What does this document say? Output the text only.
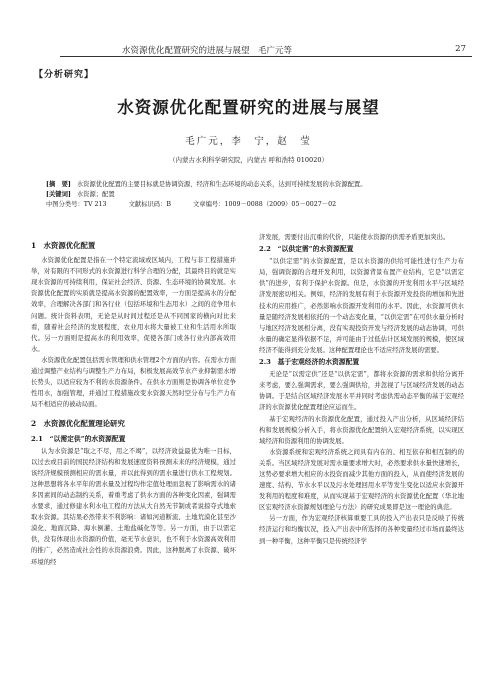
水资源优化配置研究的进展与展望　毛广元等	27
【分析研究】
水资源优化配置研究的进展与展望
毛广元，李　宁，赵　莹
（内蒙古水利科学研究院，内蒙古 呼和浩特 010020）
[摘　要] 水资源优化配置的主要目标就是协调资源、经济和生态环境的动态关系，达到可持续发展的水资源配置。
[关键词] 水资源；配置
中图分类号：TV 213	文献标识码：B	文章编号：1009－0088（2009）05－0027－02
1　水资源优化配置

水资源优化配置是指在一个特定流域或区域内，工程与非工程措施并举，对有限的不同形式的水资源进行科学合理的分配，其最终目的就是实现水资源的可持续利用，保证社会经济、资源、生态环境的协调发展。水资源优化配置的实质就是提高水资源的配置效率，一方面是提高水的分配效率，合理解决各部门和各行业（包括环境和生态用水）之间的竞争用水问题。统计资料表明，无论是从时间过程还是从不同国家的横向对比来看，随着社会经济的发展程度，农业用水将大量被工业和生活用水所取代。另一方面则是提高水的利用效率，促使各部门或各行业内部高效用水。

水资源优化配置包括需水管理和供水管理2个方面的内容。在需水方面通过调整产业结构与调整生产力布局，积极发展高效节水产业抑制需水增长势头，以适应较为不利的水资源条件。在供水方面则是协调各单位竞争性用水，加强管理，并通过工程措施改变水资源天然时空分布与生产力布局不相适应的被动局面。

2　水资源优化配置理论研究
2.1　“以需定供”的水资源配置

认为水资源是“取之不尽，用之不竭”，以经济效益最优为唯一目标，以过去或目前的国民经济结构和发展速度资料预测未来的经济规模，通过该经济规模预测相应的需水量，并以此得到的需水量进行供水工程规划。这种思想将各水平年的需水量及过程均作定值处理而忽视了影响需水的诸多因素间的动态制约关系，着重考虑了供水方面的各种变化因素，强调需水要求，通过修建水利水电工程的方法从大自然无节制或者说掠夺式地索取水资源。其结果必然带来不利影响：诸如河道断流、土地荒漠化甚至沙漠化、地面沉降、海水倒灌、土地盐碱化等等。另一方面，由于以需定供，没有体现出水资源的价值，毫无节水意识，也不利于水资源高效利用的推广，必然造成社会性的水资源浪费。因此，这种脱离了水资源、破坏环境的经

济发展，需要付出沉重的代价，只能使水资源的供需矛盾更加突出。

2.2　“以供定需”的水资源配置

“以供定需”的水资源配置，是以水资源的供给可能性进行生产力布局，强调资源的合理开发利用，以资源背景布置产业结构，它是“以需定供”的进步，有利于保护水资源。但是，水资源的开发利用水平与区域经济发展密切相关。例如，经济的发展有利于水资源开发投资的增加和先进技术的应用推广，必然影响水资源开发利用的水平。因此，水资源可供水量是随经济发展相依托的一个动态变化量，“以供定需”在可供水量分析时与地区经济发展相分离，没有实现投资开发与经济发展的动态协调，可供水量的确定显得依据不足，并可能由于过低估计区域发展的规模，使区域经济不能得到充分发展。这种配置理论也不适应经济发展的需要。

2.3　基于宏观经济的水资源配置

无论是“以需定供”还是“以供定需”，都将水资源的需求和供给分离开来考虑，要么强调需求，要么强调供给，并忽视了与区域经济发展的动态协调。于是结合区域经济发展水平并同时考虑供需动态平衡的基于宏观经济的水资源优化配置理论应运而生。

基于宏观经济的水资源优化配置，通过投入产出分析，从区域经济结构和发展规模分析入手，将水资源优化配置纳入宏观经济系统，以实现区域经济和资源利用的协调发展。

水资源系统和宏观经济系统之间具有内在的、相互依存和相互制约的关系。当区域经济发展对需水量要求增大时，必然要求供水量快速增长，这势必要求增大相应的水投资而减少其他方面的投入，从而使经济发展的速度、结构、节水水平以及污水处理回用水平等发生变化以适应水资源开发利用的程度和难度，从而实现基于宏观经济的水资源优化配置（华北地区宏观经济水资源规划理论与方法）的研究成果即是这一理论的典范。

另一方面，作为宏观经济核算重要工具的投入产出表只是反映了传统经济运行和均衡状况，投入产出表中所选择的各种变量经过市场而最终达到一种平衡，这种平衡只是传统经济学
